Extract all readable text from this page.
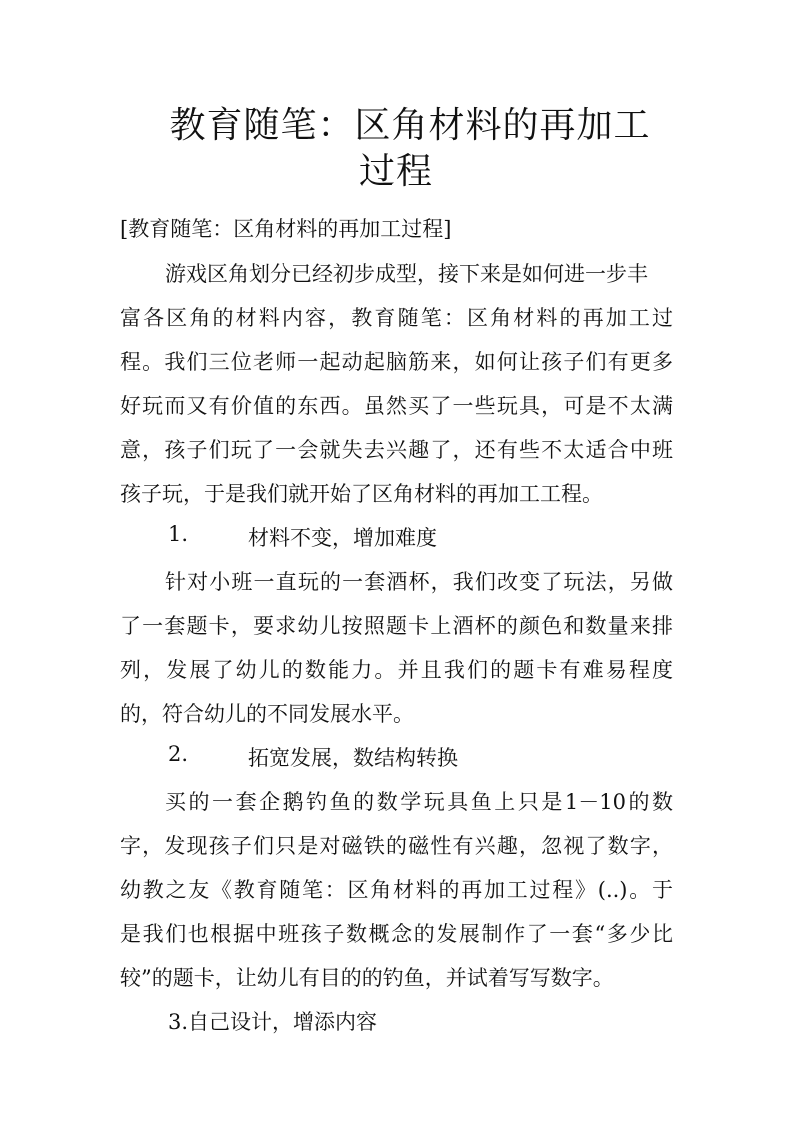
教育随笔：区角材料的再加工
过程
[教育随笔：区角材料的再加工过程]
游戏区角划分已经初步成型，接下来是如何进一步丰
富各区角的材料内容，教育随笔：区角材料的再加工过
程。我们三位老师一起动起脑筋来，如何让孩子们有更多
好玩而又有价值的东西。虽然买了一些玩具，可是不太满
意，孩子们玩了一会就失去兴趣了，还有些不太适合中班
孩子玩，于是我们就开始了区角材料的再加工工程。
1.	材料不变，增加难度
针对小班一直玩的一套酒杯，我们改变了玩法，另做
了一套题卡，要求幼儿按照题卡上酒杯的颜色和数量来排
列，发展了幼儿的数能力。并且我们的题卡有难易程度
的，符合幼儿的不同发展水平。
2.	拓宽发展，数结构转换
买的一套企鹅钓鱼的数学玩具鱼上只是1－10的数
字，发现孩子们只是对磁铁的磁性有兴趣，忽视了数字，
幼教之友《教育随笔：区角材料的再加工过程》(..)。于
是我们也根据中班孩子数概念的发展制作了一套“多少比
较”的题卡，让幼儿有目的的钓鱼，并试着写写数字。
3.自己设计，增添内容
